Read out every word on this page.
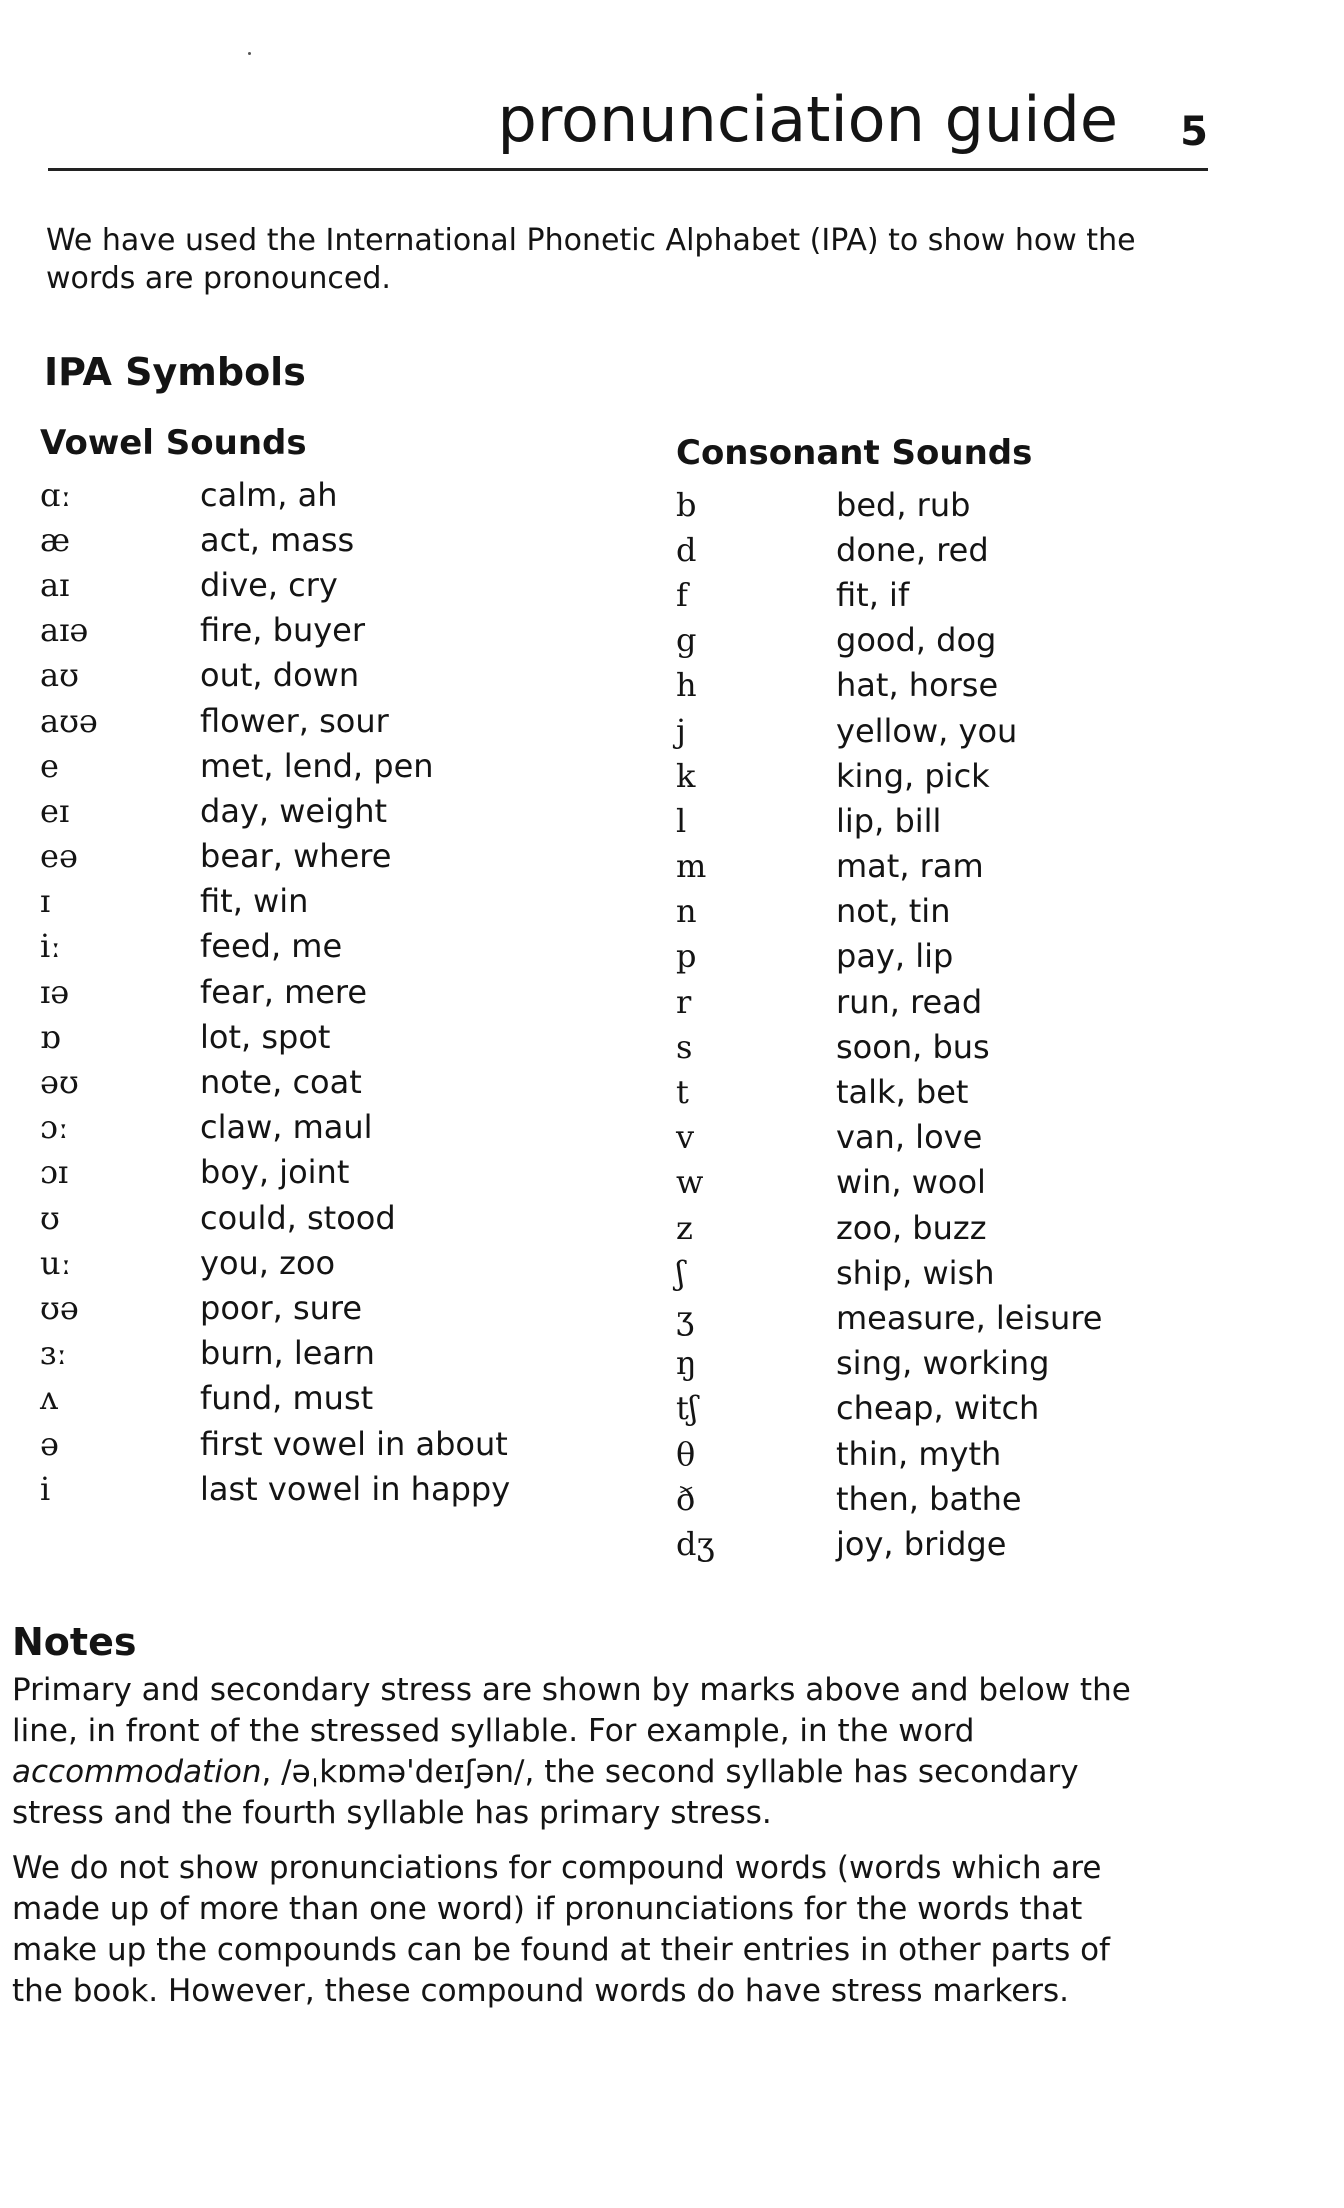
pronunciation guide 5
We have used the International Phonetic Alphabet (IPA) to show how the words are pronounced.
IPA Symbols
Vowel Sounds
ɑː	calm, ah
æ	act, mass
aɪ	dive, cry
aɪə	fire, buyer
aʊ	out, down
aʊə	flower, sour
e	met, lend, pen
eɪ	day, weight
eə	bear, where
ɪ	fit, win
iː	feed, me
ɪə	fear, mere
ɒ	lot, spot
əʊ	note, coat
ɔː	claw, maul
ɔɪ	boy, joint
ʊ	could, stood
uː	you, zoo
ʊə	poor, sure
ɜː	burn, learn
ʌ	fund, must
ə	first vowel in about
i	last vowel in happy
Consonant Sounds
b	bed, rub
d	done, red
f	fit, if
g	good, dog
h	hat, horse
j	yellow, you
k	king, pick
l	lip, bill
m	mat, ram
n	not, tin
p	pay, lip
r	run, read
s	soon, bus
t	talk, bet
v	van, love
w	win, wool
z	zoo, buzz
ʃ	ship, wish
ʒ	measure, leisure
ŋ	sing, working
tʃ	cheap, witch
θ	thin, myth
ð	then, bathe
dʒ	joy, bridge
Notes

Primary and secondary stress are shown by marks above and below the line, in front of the stressed syllable. For example, in the word accommodation, /əˌkɒmə'deɪʃən/, the second syllable has secondary stress and the fourth syllable has primary stress.

We do not show pronunciations for compound words (words which are made up of more than one word) if pronunciations for the words that make up the compounds can be found at their entries in other parts of the book. However, these compound words do have stress markers.
